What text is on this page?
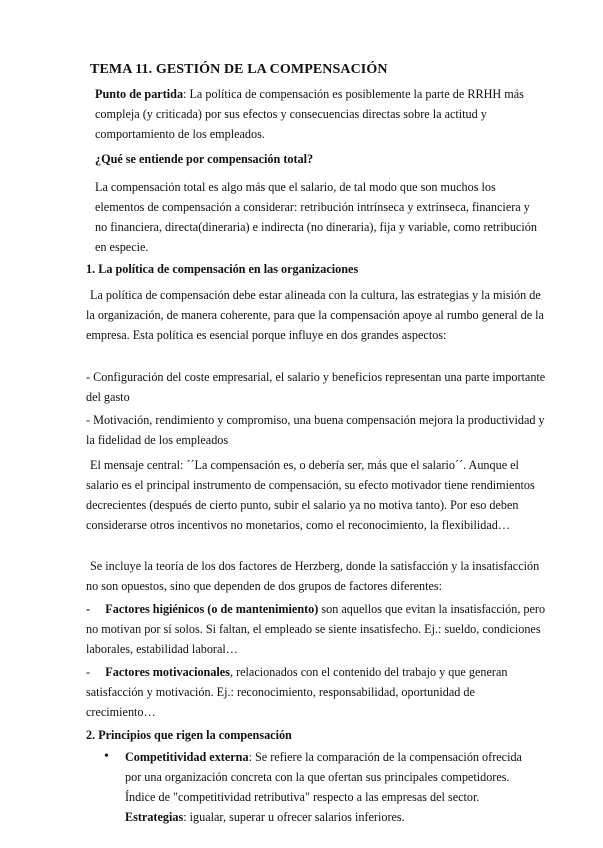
TEMA 11. GESTIÓN DE LA COMPENSACIÓN

Punto de partida: La política de compensación es posiblemente la parte de RRHH más compleja (y criticada) por sus efectos y consecuencias directas sobre la actitud y comportamiento de los empleados.

¿Qué se entiende por compensación total?

La compensación total es algo más que el salario, de tal modo que son muchos los elementos de compensación a considerar: retribución intrínseca y extrínseca, financiera y no financiera, directa(dineraria) e indirecta (no dineraria), fija y variable, como retribución en especie.

1. La política de compensación en las organizaciones

La política de compensación debe estar alineada con la cultura, las estrategias y la misión de la organización, de manera coherente, para que la compensación apoye al rumbo general de la empresa. Esta política es esencial porque influye en dos grandes aspectos:

- Configuración del coste empresarial, el salario y beneficios representan una parte importante del gasto

- Motivación, rendimiento y compromiso, una buena compensación mejora la productividad y la fidelidad de los empleados

El mensaje central: ´´La compensación es, o debería ser, más que el salario´´. Aunque el salario es el principal instrumento de compensación, su efecto motivador tiene rendimientos decrecientes (después de cierto punto, subir el salario ya no motiva tanto). Por eso deben considerarse otros incentivos no monetarios, como el reconocimiento, la flexibilidad…

Se incluye la teoría de los dos factores de Herzberg, donde la satisfacción y la insatisfacción no son opuestos, sino que dependen de dos grupos de factores diferentes:

-     Factores higiénicos (o de mantenimiento) son aquellos que evitan la insatisfacción, pero no motivan por sí solos. Si faltan, el empleado se siente insatisfecho. Ej.: sueldo, condiciones laborales, estabilidad laboral…

-     Factores motivacionales, relacionados con el contenido del trabajo y que generan satisfacción y motivación. Ej.: reconocimiento, responsabilidad, oportunidad de crecimiento…

2. Principios que rigen la compensación

• Competitividad externa: Se refiere la comparación de la compensación ofrecida por una organización concreta con la que ofertan sus principales competidores. Índice de "competitividad retributiva" respecto a las empresas del sector. Estrategias: igualar, superar u ofrecer salarios inferiores.
